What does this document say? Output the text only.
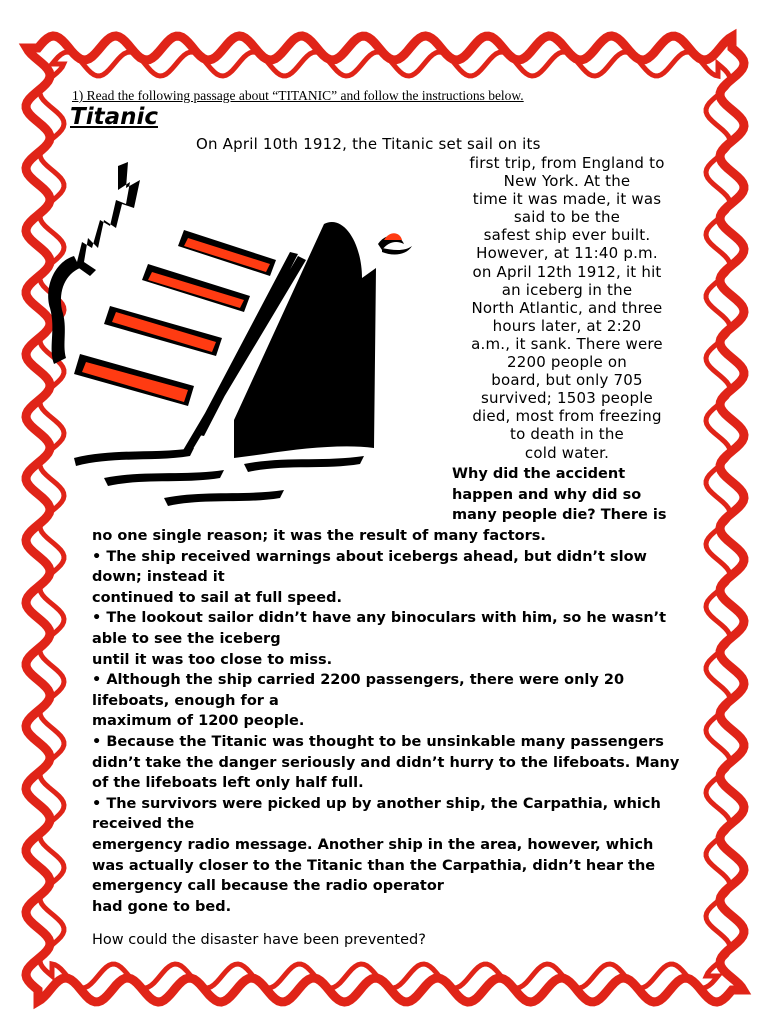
1) Read the following passage about “TITANIC” and follow the instructions below.
Titanic
On April 10th 1912, the Titanic set sail on its
first trip, from England to
New York. At the
time it was made, it was
said to be the
safest ship ever built.
However, at 11:40 p.m.
on April 12th 1912, it hit
an iceberg in the
North Atlantic, and three
hours later, at 2:20
a.m., it sank. There were
2200 people on
board, but only 705
survived; 1503 people
died, most from freezing
to death in the
cold water.
Why did the accident
happen and why did so
many people die? There is
no one single reason; it was the result of many factors.
• The ship received warnings about icebergs ahead, but didn’t slow
down; instead it
continued to sail at full speed.
• The lookout sailor didn’t have any binoculars with him, so he wasn’t
able to see the iceberg
until it was too close to miss.
• Although the ship carried 2200 passengers, there were only 20
lifeboats, enough for a
maximum of 1200 people.
• Because the Titanic was thought to be unsinkable many passengers
didn’t take the danger seriously and didn’t hurry to the lifeboats. Many
of the lifeboats left only half full.
• The survivors were picked up by another ship, the Carpathia, which
received the
emergency radio message. Another ship in the area, however, which
was actually closer to the Titanic than the Carpathia, didn’t hear the
emergency call because the radio operator
had gone to bed.
How could the disaster have been prevented?
